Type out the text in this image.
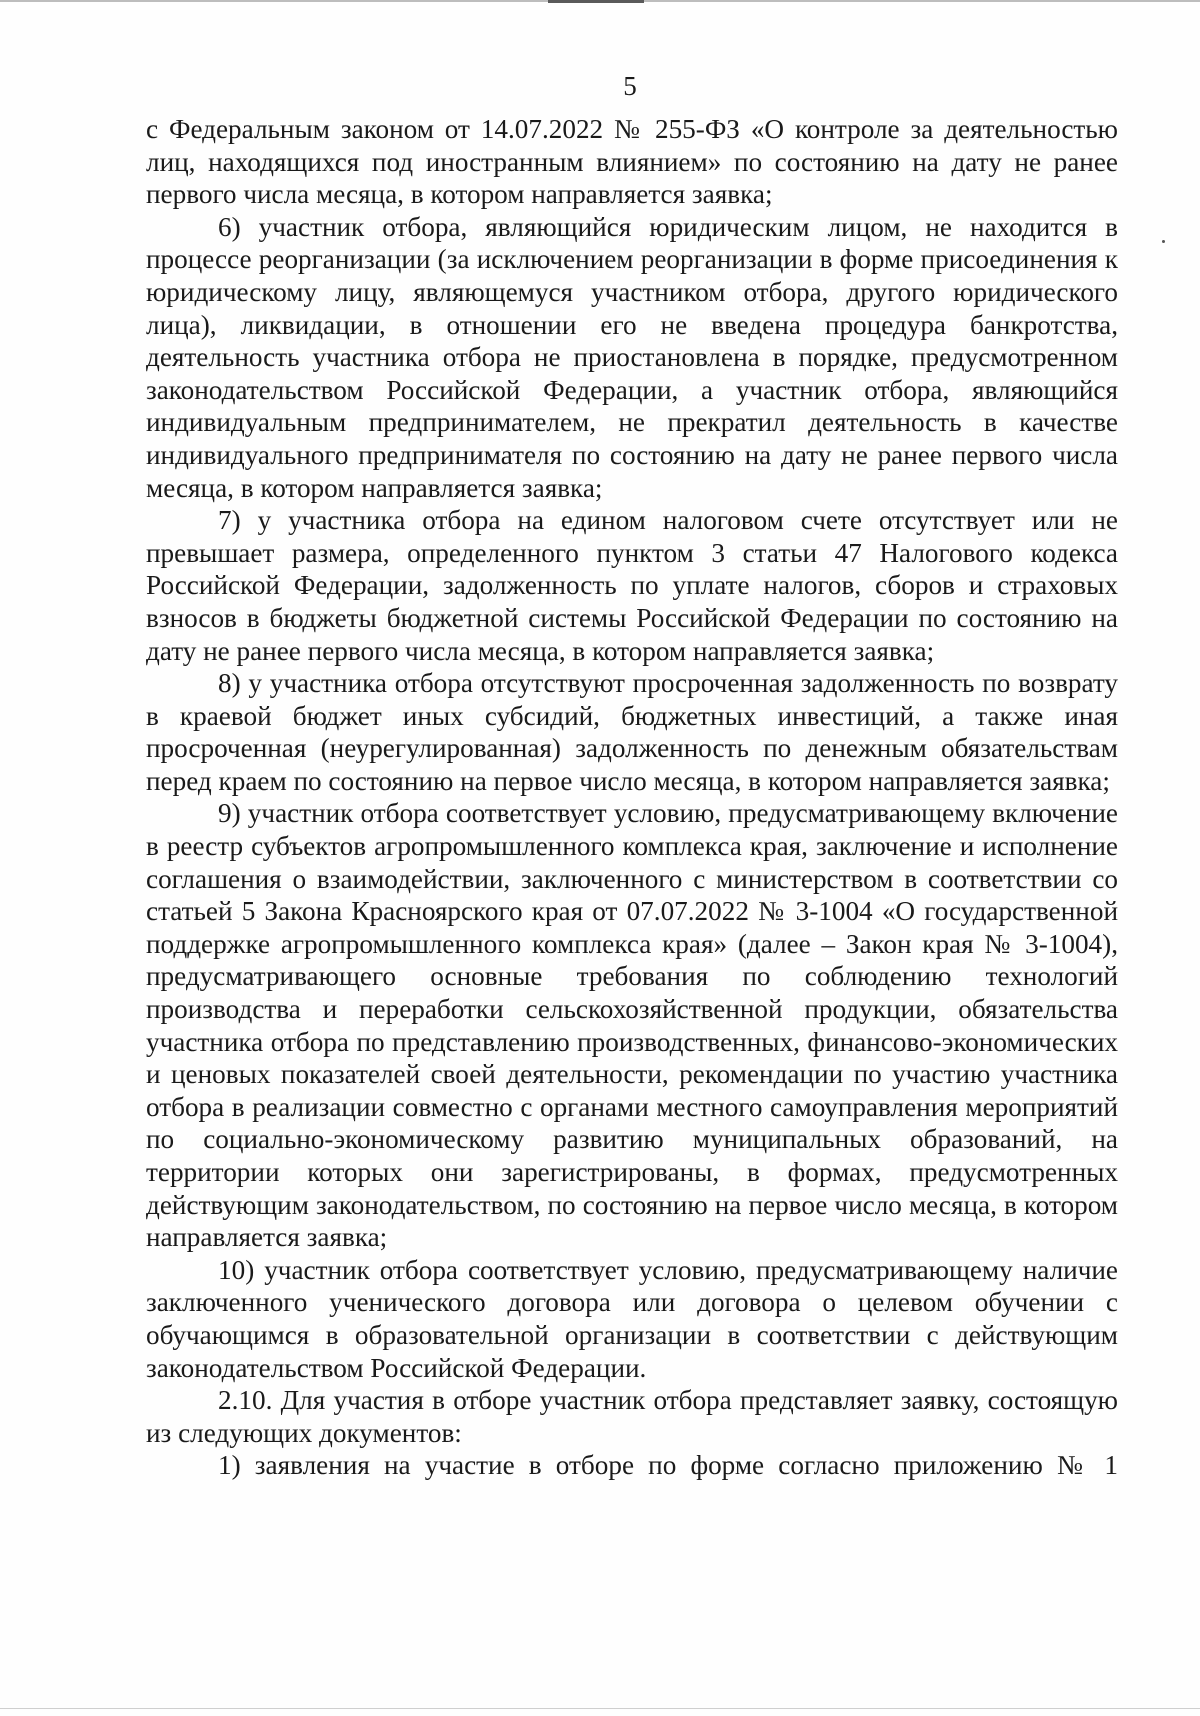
5

с Федеральным законом от 14.07.2022 № 255-ФЗ «О контроле за деятельностью лиц, находящихся под иностранным влиянием» по состоянию на дату не ранее первого числа месяца, в котором направляется заявка;

6) участник отбора, являющийся юридическим лицом, не находится в процессе реорганизации (за исключением реорганизации в форме присоединения к юридическому лицу, являющемуся участником отбора, другого юридического лица), ликвидации, в отношении его не введена процедура банкротства, деятельность участника отбора не приостановлена в порядке, предусмотренном законодательством Российской Федерации, а участник отбора, являющийся индивидуальным предпринимателем, не прекратил деятельность в качестве индивидуального предпринимателя по состоянию на дату не ранее первого числа месяца, в котором направляется заявка;

7) у участника отбора на едином налоговом счете отсутствует или не превышает размера, определенного пунктом 3 статьи 47 Налогового кодекса Российской Федерации, задолженность по уплате налогов, сборов и страховых взносов в бюджеты бюджетной системы Российской Федерации по состоянию на дату не ранее первого числа месяца, в котором направляется заявка;

8) у участника отбора отсутствуют просроченная задолженность по возврату в краевой бюджет иных субсидий, бюджетных инвестиций, а также иная просроченная (неурегулированная) задолженность по денежным обязательствам перед краем по состоянию на первое число месяца, в котором направляется заявка;

9) участник отбора соответствует условию, предусматривающему включение в реестр субъектов агропромышленного комплекса края, заключение и исполнение соглашения о взаимодействии, заключенного с министерством в соответствии со статьей 5 Закона Красноярского края от 07.07.2022 № 3-1004 «О государственной поддержке агропромышленного комплекса края» (далее – Закон края № 3-1004), предусматривающего основные требования по соблюдению технологий производства и переработки сельскохозяйственной продукции, обязательства участника отбора по представлению производственных, финансово-экономических и ценовых показателей своей деятельности, рекомендации по участию участника отбора в реализации совместно с органами местного самоуправления мероприятий по социально-экономическому развитию муниципальных образований, на территории которых они зарегистрированы, в формах, предусмотренных действующим законодательством, по состоянию на первое число месяца, в котором направляется заявка;

10) участник отбора соответствует условию, предусматривающему наличие заключенного ученического договора или договора о целевом обучении с обучающимся в образовательной организации в соответствии с действующим законодательством Российской Федерации.

2.10. Для участия в отборе участник отбора представляет заявку, состоящую из следующих документов:

1) заявления на участие в отборе по форме согласно приложению № 1
